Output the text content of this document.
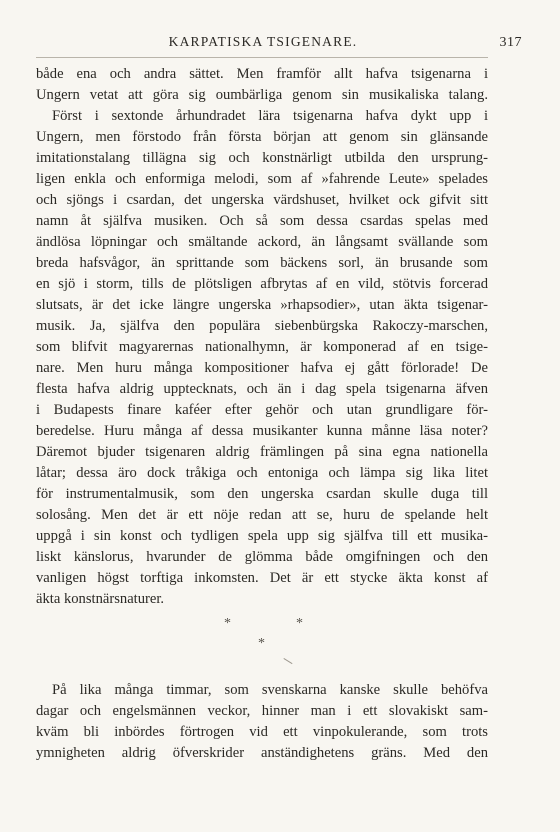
KARPATISKA TSIGENARE.	317
både ena och andra sättet. Men framför allt hafva tsigenarna i
Ungern vetat att göra sig oumbärliga genom sin musikaliska talang.
Först i sextonde århundradet lära tsigenarna hafva dykt upp i
Ungern, men förstodo från första början att genom sin glänsande
imitationstalang tillägna sig och konstnärligt utbilda den ursprung-
ligen enkla och enformiga melodi, som af »fahrende Leute» spelades
och sjöngs i csardan, det ungerska värdshuset, hvilket ock gifvit sitt
namn åt själfva musiken. Och så som dessa csardas spelas med
ändlösa löpningar och smältande ackord, än långsamt svällande som
breda hafsvågor, än sprittande som bäckens sorl, än brusande som
en sjö i storm, tills de plötsligen afbrytas af en vild, stötvis forcerad
slutsats, är det icke längre ungerska »rhapsodier», utan äkta tsigenar-
musik. Ja, själfva den populära siebenbürgska Rakoczy-marschen,
som blifvit magyarernas nationalhymn, är komponerad af en tsige-
nare. Men huru många kompositioner hafva ej gått förlorade! De
flesta hafva aldrig upptecknats, och än i dag spela tsigenarna äfven
i Budapests finare kaféer efter gehör och utan grundligare för-
beredelse. Huru många af dessa musikanter kunna månne läsa noter?
Däremot bjuder tsigenaren aldrig främlingen på sina egna nationella
låtar; dessa äro dock tråkiga och entoniga och lämpa sig lika litet
för instrumentalmusik, som den ungerska csardan skulle duga till
solosång. Men det är ett nöje redan att se, huru de spelande helt
uppgå i sin konst och tydligen spela upp sig själfva till ett musika-
liskt känslorus, hvarunder de glömma både omgifningen och den
vanligen högst torftiga inkomsten. Det är ett stycke äkta konst af
äkta konstnärsnaturer.
*	*
*
På lika många timmar, som svenskarna kanske skulle behöfva
dagar och engelsmännen veckor, hinner man i ett slovakiskt sam-
kväm bli inbördes förtrogen vid ett vinpokulerande, som trots
ymnigheten aldrig öfverskrider anständighetens gräns. Med den
